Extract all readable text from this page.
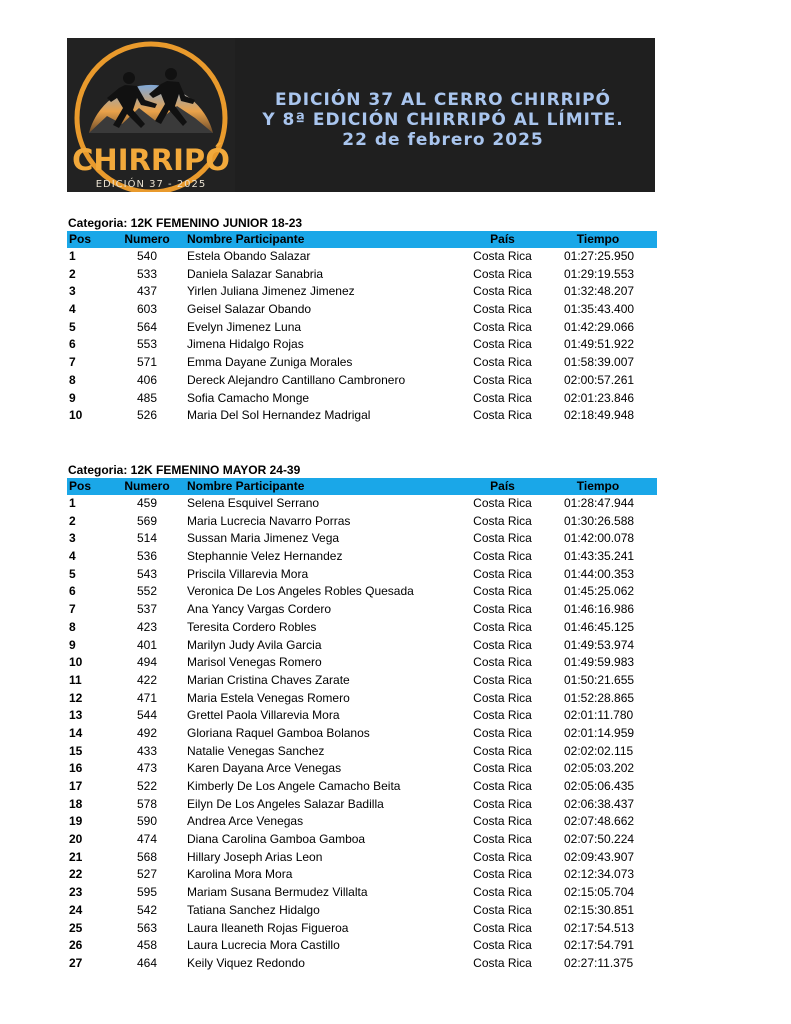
CHIRRIPÓ
EDICIÓN 37 - 2025
EDICIÓN 37 AL CERRO CHIRRIPÓ
Y 8ª EDICIÓN CHIRRIPÓ AL LÍMITE.
22 de febrero 2025
Categoria: 12K FEMENINO JUNIOR 18-23
Pos	Numero	Nombre Participante	País	Tiempo
1	540	Estela Obando Salazar	Costa Rica	01:27:25.950
2	533	Daniela Salazar Sanabria	Costa Rica	01:29:19.553
3	437	Yirlen Juliana Jimenez Jimenez	Costa Rica	01:32:48.207
4	603	Geisel Salazar Obando	Costa Rica	01:35:43.400
5	564	Evelyn Jimenez Luna	Costa Rica	01:42:29.066
6	553	Jimena Hidalgo Rojas	Costa Rica	01:49:51.922
7	571	Emma Dayane Zuniga Morales	Costa Rica	01:58:39.007
8	406	Dereck Alejandro Cantillano Cambronero	Costa Rica	02:00:57.261
9	485	Sofia Camacho Monge	Costa Rica	02:01:23.846
10	526	Maria Del Sol Hernandez Madrigal	Costa Rica	02:18:49.948
Categoria: 12K FEMENINO MAYOR 24-39
Pos	Numero	Nombre Participante	País	Tiempo
1	459	Selena Esquivel Serrano	Costa Rica	01:28:47.944
2	569	Maria Lucrecia Navarro Porras	Costa Rica	01:30:26.588
3	514	Sussan Maria Jimenez Vega	Costa Rica	01:42:00.078
4	536	Stephannie Velez Hernandez	Costa Rica	01:43:35.241
5	543	Priscila Villarevia Mora	Costa Rica	01:44:00.353
6	552	Veronica De Los Angeles Robles Quesada	Costa Rica	01:45:25.062
7	537	Ana Yancy Vargas Cordero	Costa Rica	01:46:16.986
8	423	Teresita Cordero Robles	Costa Rica	01:46:45.125
9	401	Marilyn Judy Avila Garcia	Costa Rica	01:49:53.974
10	494	Marisol Venegas Romero	Costa Rica	01:49:59.983
11	422	Marian Cristina Chaves Zarate	Costa Rica	01:50:21.655
12	471	Maria Estela Venegas Romero	Costa Rica	01:52:28.865
13	544	Grettel Paola Villarevia Mora	Costa Rica	02:01:11.780
14	492	Gloriana Raquel Gamboa Bolanos	Costa Rica	02:01:14.959
15	433	Natalie Venegas Sanchez	Costa Rica	02:02:02.115
16	473	Karen Dayana Arce Venegas	Costa Rica	02:05:03.202
17	522	Kimberly De Los Angele Camacho Beita	Costa Rica	02:05:06.435
18	578	Eilyn De Los Angeles Salazar Badilla	Costa Rica	02:06:38.437
19	590	Andrea Arce Venegas	Costa Rica	02:07:48.662
20	474	Diana Carolina Gamboa Gamboa	Costa Rica	02:07:50.224
21	568	Hillary Joseph Arias Leon	Costa Rica	02:09:43.907
22	527	Karolina Mora Mora	Costa Rica	02:12:34.073
23	595	Mariam Susana Bermudez Villalta	Costa Rica	02:15:05.704
24	542	Tatiana Sanchez Hidalgo	Costa Rica	02:15:30.851
25	563	Laura Ileaneth Rojas Figueroa	Costa Rica	02:17:54.513
26	458	Laura Lucrecia Mora Castillo	Costa Rica	02:17:54.791
27	464	Keily Viquez Redondo	Costa Rica	02:27:11.375
